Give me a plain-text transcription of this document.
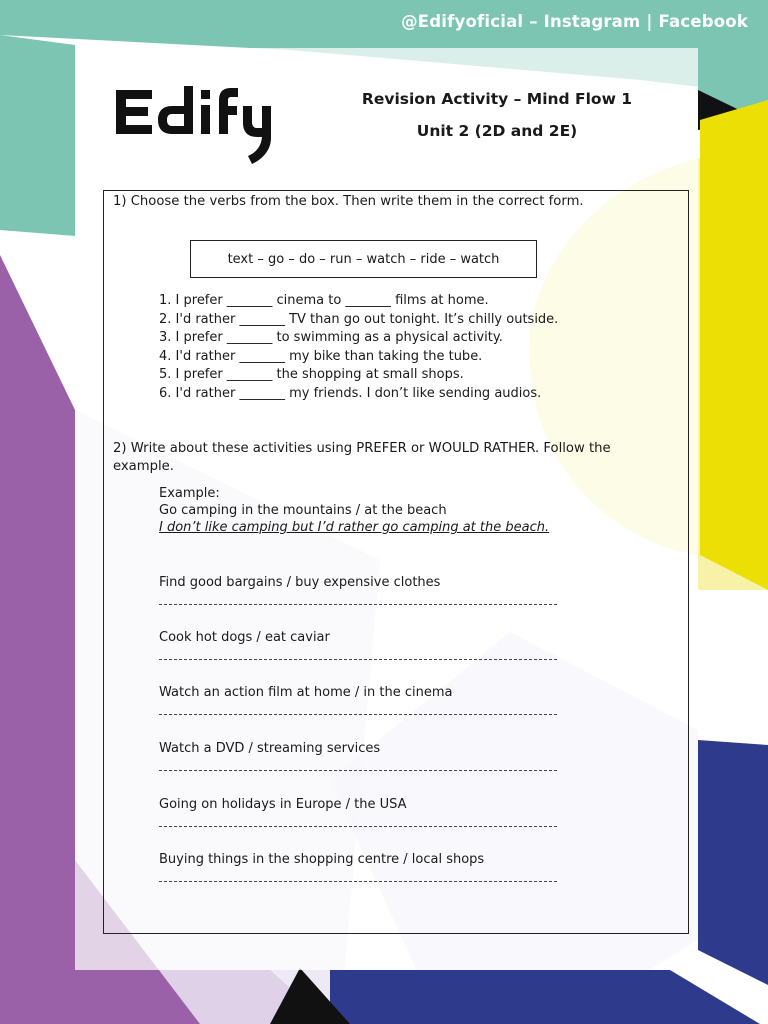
@Edifyoficial – Instagram | Facebook
Revision Activity – Mind Flow 1
Unit 2 (2D and 2E)
1) Choose the verbs from the box. Then write them in the correct form.
text – go – do – run – watch – ride – watch
1. I prefer _______ cinema to _______ films at home.
2. I'd rather _______ TV than go out tonight. It’s chilly outside.
3. I prefer _______ to swimming as a physical activity.
4. I'd rather _______ my bike than taking the tube.
5. I prefer _______ the shopping at small shops.
6. I'd rather _______ my friends. I don’t like sending audios.
2) Write about these activities using PREFER or WOULD RATHER. Follow the
example.
Example:
Go camping in the mountains / at the beach
I don’t like camping but I’d rather go camping at the beach.
Find good bargains / buy expensive clothes
Cook hot dogs / eat caviar
Watch an action film at home / in the cinema
Watch a DVD / streaming services
Going on holidays in Europe / the USA
Buying things in the shopping centre / local shops
